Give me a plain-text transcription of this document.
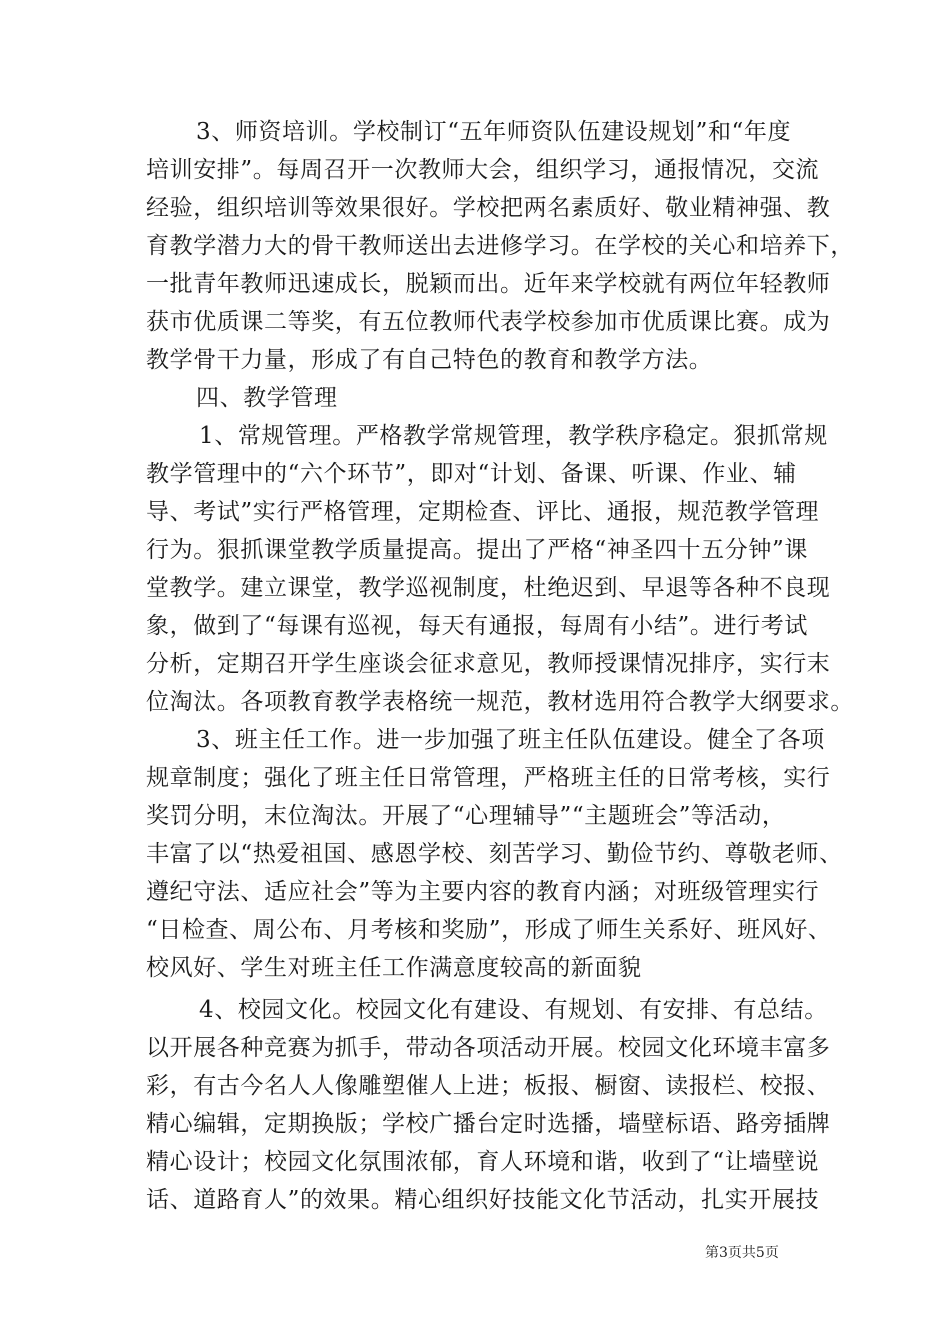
3、师资培训。学校制订“五年师资队伍建设规划”和“年度
培训安排”。每周召开一次教师大会，组织学习，通报情况，交流
经验，组织培训等效果很好。学校把两名素质好、敬业精神强、教
育教学潜力大的骨干教师送出去进修学习。在学校的关心和培养下，
一批青年教师迅速成长，脱颖而出。近年来学校就有两位年轻教师
获市优质课二等奖，有五位教师代表学校参加市优质课比赛。成为
教学骨干力量，形成了有自己特色的教育和教学方法。
四、教学管理
1、常规管理。严格教学常规管理，教学秩序稳定。狠抓常规
教学管理中的“六个环节”，即对“计划、备课、听课、作业、辅
导、考试”实行严格管理，定期检查、评比、通报，规范教学管理
行为。狠抓课堂教学质量提高。提出了严格“神圣四十五分钟”课
堂教学。建立课堂，教学巡视制度，杜绝迟到、早退等各种不良现
象，做到了“每课有巡视，每天有通报，每周有小结”。进行考试
分析，定期召开学生座谈会征求意见，教师授课情况排序，实行末
位淘汰。各项教育教学表格统一规范，教材选用符合教学大纲要求。
3、班主任工作。进一步加强了班主任队伍建设。健全了各项
规章制度；强化了班主任日常管理，严格班主任的日常考核，实行
奖罚分明，末位淘汰。开展了“心理辅导”“主题班会”等活动，
丰富了以“热爱祖国、感恩学校、刻苦学习、勤俭节约、尊敬老师、
遵纪守法、适应社会”等为主要内容的教育内涵；对班级管理实行
“日检查、周公布、月考核和奖励”，形成了师生关系好、班风好、
校风好、学生对班主任工作满意度较高的新面貌
4、校园文化。校园文化有建设、有规划、有安排、有总结。
以开展各种竞赛为抓手，带动各项活动开展。校园文化环境丰富多
彩，有古今名人人像雕塑催人上进；板报、橱窗、读报栏、校报、
精心编辑，定期换版；学校广播台定时选播，墙壁标语、路旁插牌
精心设计；校园文化氛围浓郁，育人环境和谐，收到了“让墙壁说
话、道路育人”的效果。精心组织好技能文化节活动，扎实开展技
第3页共5页
